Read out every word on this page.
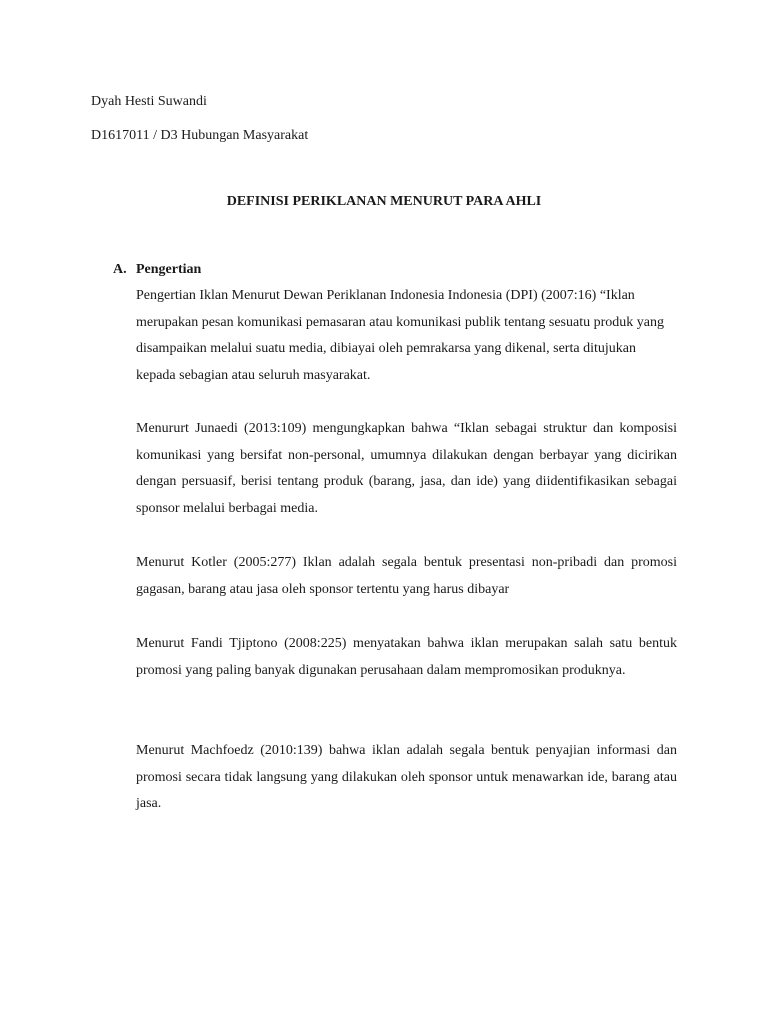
Dyah Hesti Suwandi
D1617011 / D3 Hubungan Masyarakat
DEFINISI PERIKLANAN MENURUT PARA AHLI
A. Pengertian

Pengertian Iklan Menurut Dewan Periklanan Indonesia Indonesia (DPI) (2007:16) “Iklan merupakan pesan komunikasi pemasaran atau komunikasi publik tentang sesuatu produk yang disampaikan melalui suatu media, dibiayai oleh pemrakarsa yang dikenal, serta ditujukan kepada sebagian atau seluruh masyarakat.

Menururt Junaedi (2013:109) mengungkapkan bahwa “Iklan sebagai struktur dan komposisi komunikasi yang bersifat non-personal, umumnya dilakukan dengan berbayar yang dicirikan dengan persuasif, berisi tentang produk (barang, jasa, dan ide) yang diidentifikasikan sebagai sponsor melalui berbagai media.

Menurut Kotler (2005:277) Iklan adalah segala bentuk presentasi non-pribadi dan promosi gagasan, barang atau jasa oleh sponsor tertentu yang harus dibayar

Menurut Fandi Tjiptono (2008:225) menyatakan bahwa iklan merupakan salah satu bentuk promosi yang paling banyak digunakan perusahaan dalam mempromosikan produknya.

Menurut Machfoedz (2010:139) bahwa iklan adalah segala bentuk penyajian informasi dan promosi secara tidak langsung yang dilakukan oleh sponsor untuk menawarkan ide, barang atau jasa.
